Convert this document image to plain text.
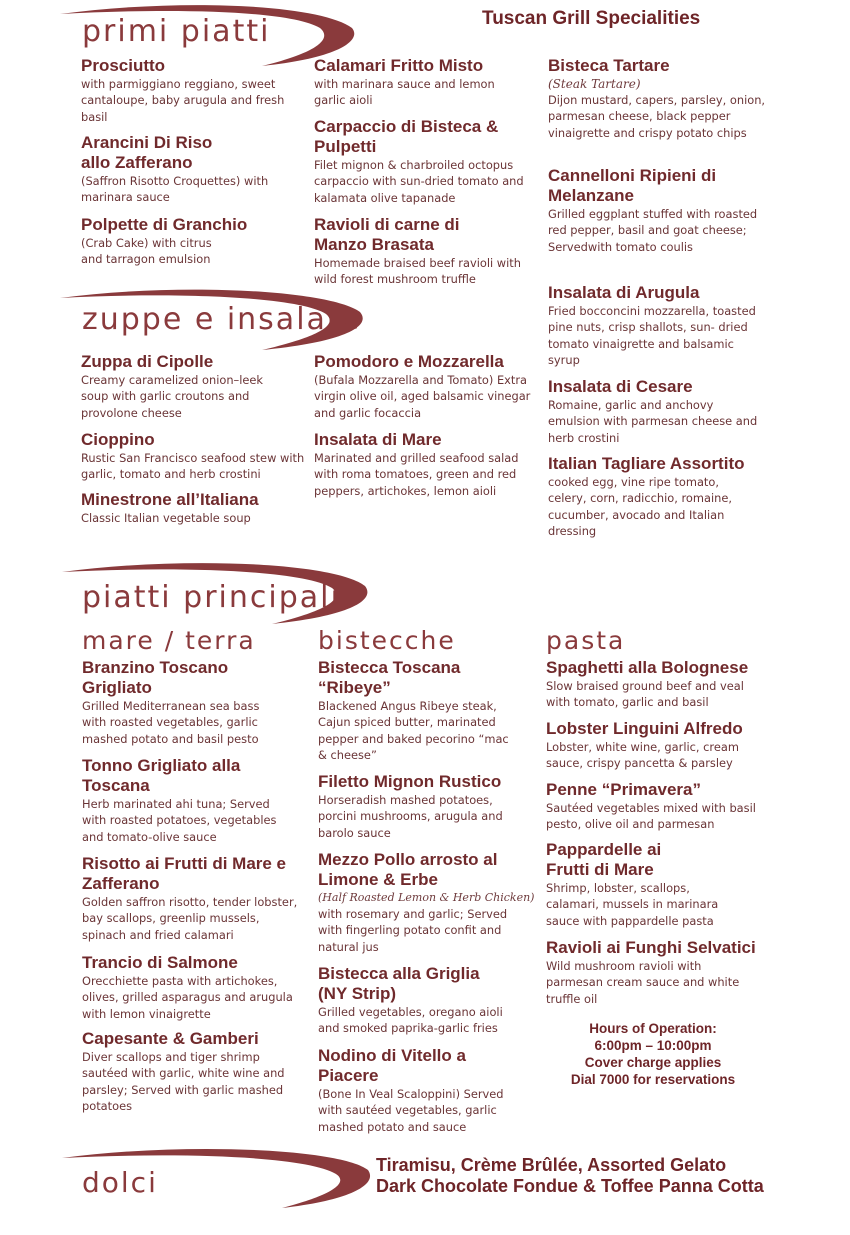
Tuscan Grill Specialities
primi piatti
Prosciutto
with parmiggiano reggiano, sweet cantaloupe, baby arugula and fresh basil
Arancini Di Riso allo Zafferano
(Saffron Risotto Croquettes) with marinara sauce
Polpette di Granchio
(Crab Cake) with citrus and tarragon emulsion
Calamari Fritto Misto
with marinara sauce and lemon garlic aioli
Carpaccio di Bisteca & Pulpetti
Filet mignon & charbroiled octopus carpaccio with sun-dried tomato and kalamata olive tapanade
Ravioli di carne di Manzo Brasata
Homemade braised beef ravioli with wild forest mushroom truffle
Bisteca Tartare
(Steak Tartare)
Dijon mustard, capers, parsley, onion, parmesan cheese, black pepper vinaigrette and crispy potato chips
Cannelloni Ripieni di Melanzane
Grilled eggplant stuffed with roasted red pepper, basil and goat cheese; Servedwith tomato coulis
zuppe e insalate
Zuppa di Cipolle
Creamy caramelized onion–leek soup with garlic croutons and provolone cheese
Cioppino
Rustic San Francisco seafood stew with garlic, tomato and herb crostini
Minestrone all’Italiana
Classic Italian vegetable soup
Pomodoro e Mozzarella
(Bufala Mozzarella and Tomato) Extra virgin olive oil, aged balsamic vinegar and garlic focaccia
Insalata di Mare
Marinated and grilled seafood salad with roma tomatoes, green and red peppers, artichokes, lemon aioli
Insalata di Arugula
Fried bocconcini mozzarella, toasted pine nuts, crisp shallots, sun- dried tomato vinaigrette and balsamic syrup
Insalata di Cesare
Romaine, garlic and anchovy emulsion with parmesan cheese and herb crostini
Italian Tagliare Assortito
cooked egg, vine ripe tomato, celery, corn, radicchio, romaine, cucumber, avocado and Italian dressing
piatti principali
mare / terra bistecche	pasta
Branzino Toscano Grigliato
Grilled Mediterranean sea bass with roasted vegetables, garlic mashed potato and basil pesto
Tonno Grigliato alla Toscana
Herb marinated ahi tuna; Served with roasted potatoes, vegetables and tomato-olive sauce
Risotto ai Frutti di Mare e Zafferano
Golden saffron risotto, tender lobster, bay scallops, greenlip mussels, spinach and fried calamari
Trancio di Salmone
Orecchiette pasta with artichokes, olives, grilled asparagus and arugula with lemon vinaigrette
Capesante & Gamberi
Diver scallops and tiger shrimp sautéed with garlic, white wine and parsley; Served with garlic mashed potatoes
Bistecca Toscana “Ribeye”
Blackened Angus Ribeye steak, Cajun spiced butter, marinated pepper and baked pecorino “mac & cheese”
Filetto Mignon Rustico
Horseradish mashed potatoes, porcini mushrooms, arugula and barolo sauce
Mezzo Pollo arrosto al Limone & Erbe
(Half Roasted Lemon & Herb Chicken)
with rosemary and garlic; Served with fingerling potato confit and natural jus
Bistecca alla Griglia (NY Strip)
Grilled vegetables, oregano aioli and smoked paprika-garlic fries
Nodino di Vitello a Piacere
(Bone In Veal Scaloppini) Served with sautéed vegetables, garlic mashed potato and sauce
Spaghetti alla Bolognese
Slow braised ground beef and veal with tomato, garlic and basil
Lobster Linguini Alfredo
Lobster, white wine, garlic, cream sauce, crispy pancetta & parsley
Penne “Primavera”
Sautéed vegetables mixed with basil pesto, olive oil and parmesan
Pappardelle ai Frutti di Mare
Shrimp, lobster, scallops, calamari, mussels in marinara sauce with pappardelle pasta
Ravioli ai Funghi Selvatici
Wild mushroom ravioli with parmesan cream sauce and white truffle oil
Hours of Operation:
6:00pm – 10:00pm
Cover charge applies
Dial 7000 for reservations
dolci
Tiramisu, Crème Brûlée, Assorted Gelato
Dark Chocolate Fondue & Toffee Panna Cotta
